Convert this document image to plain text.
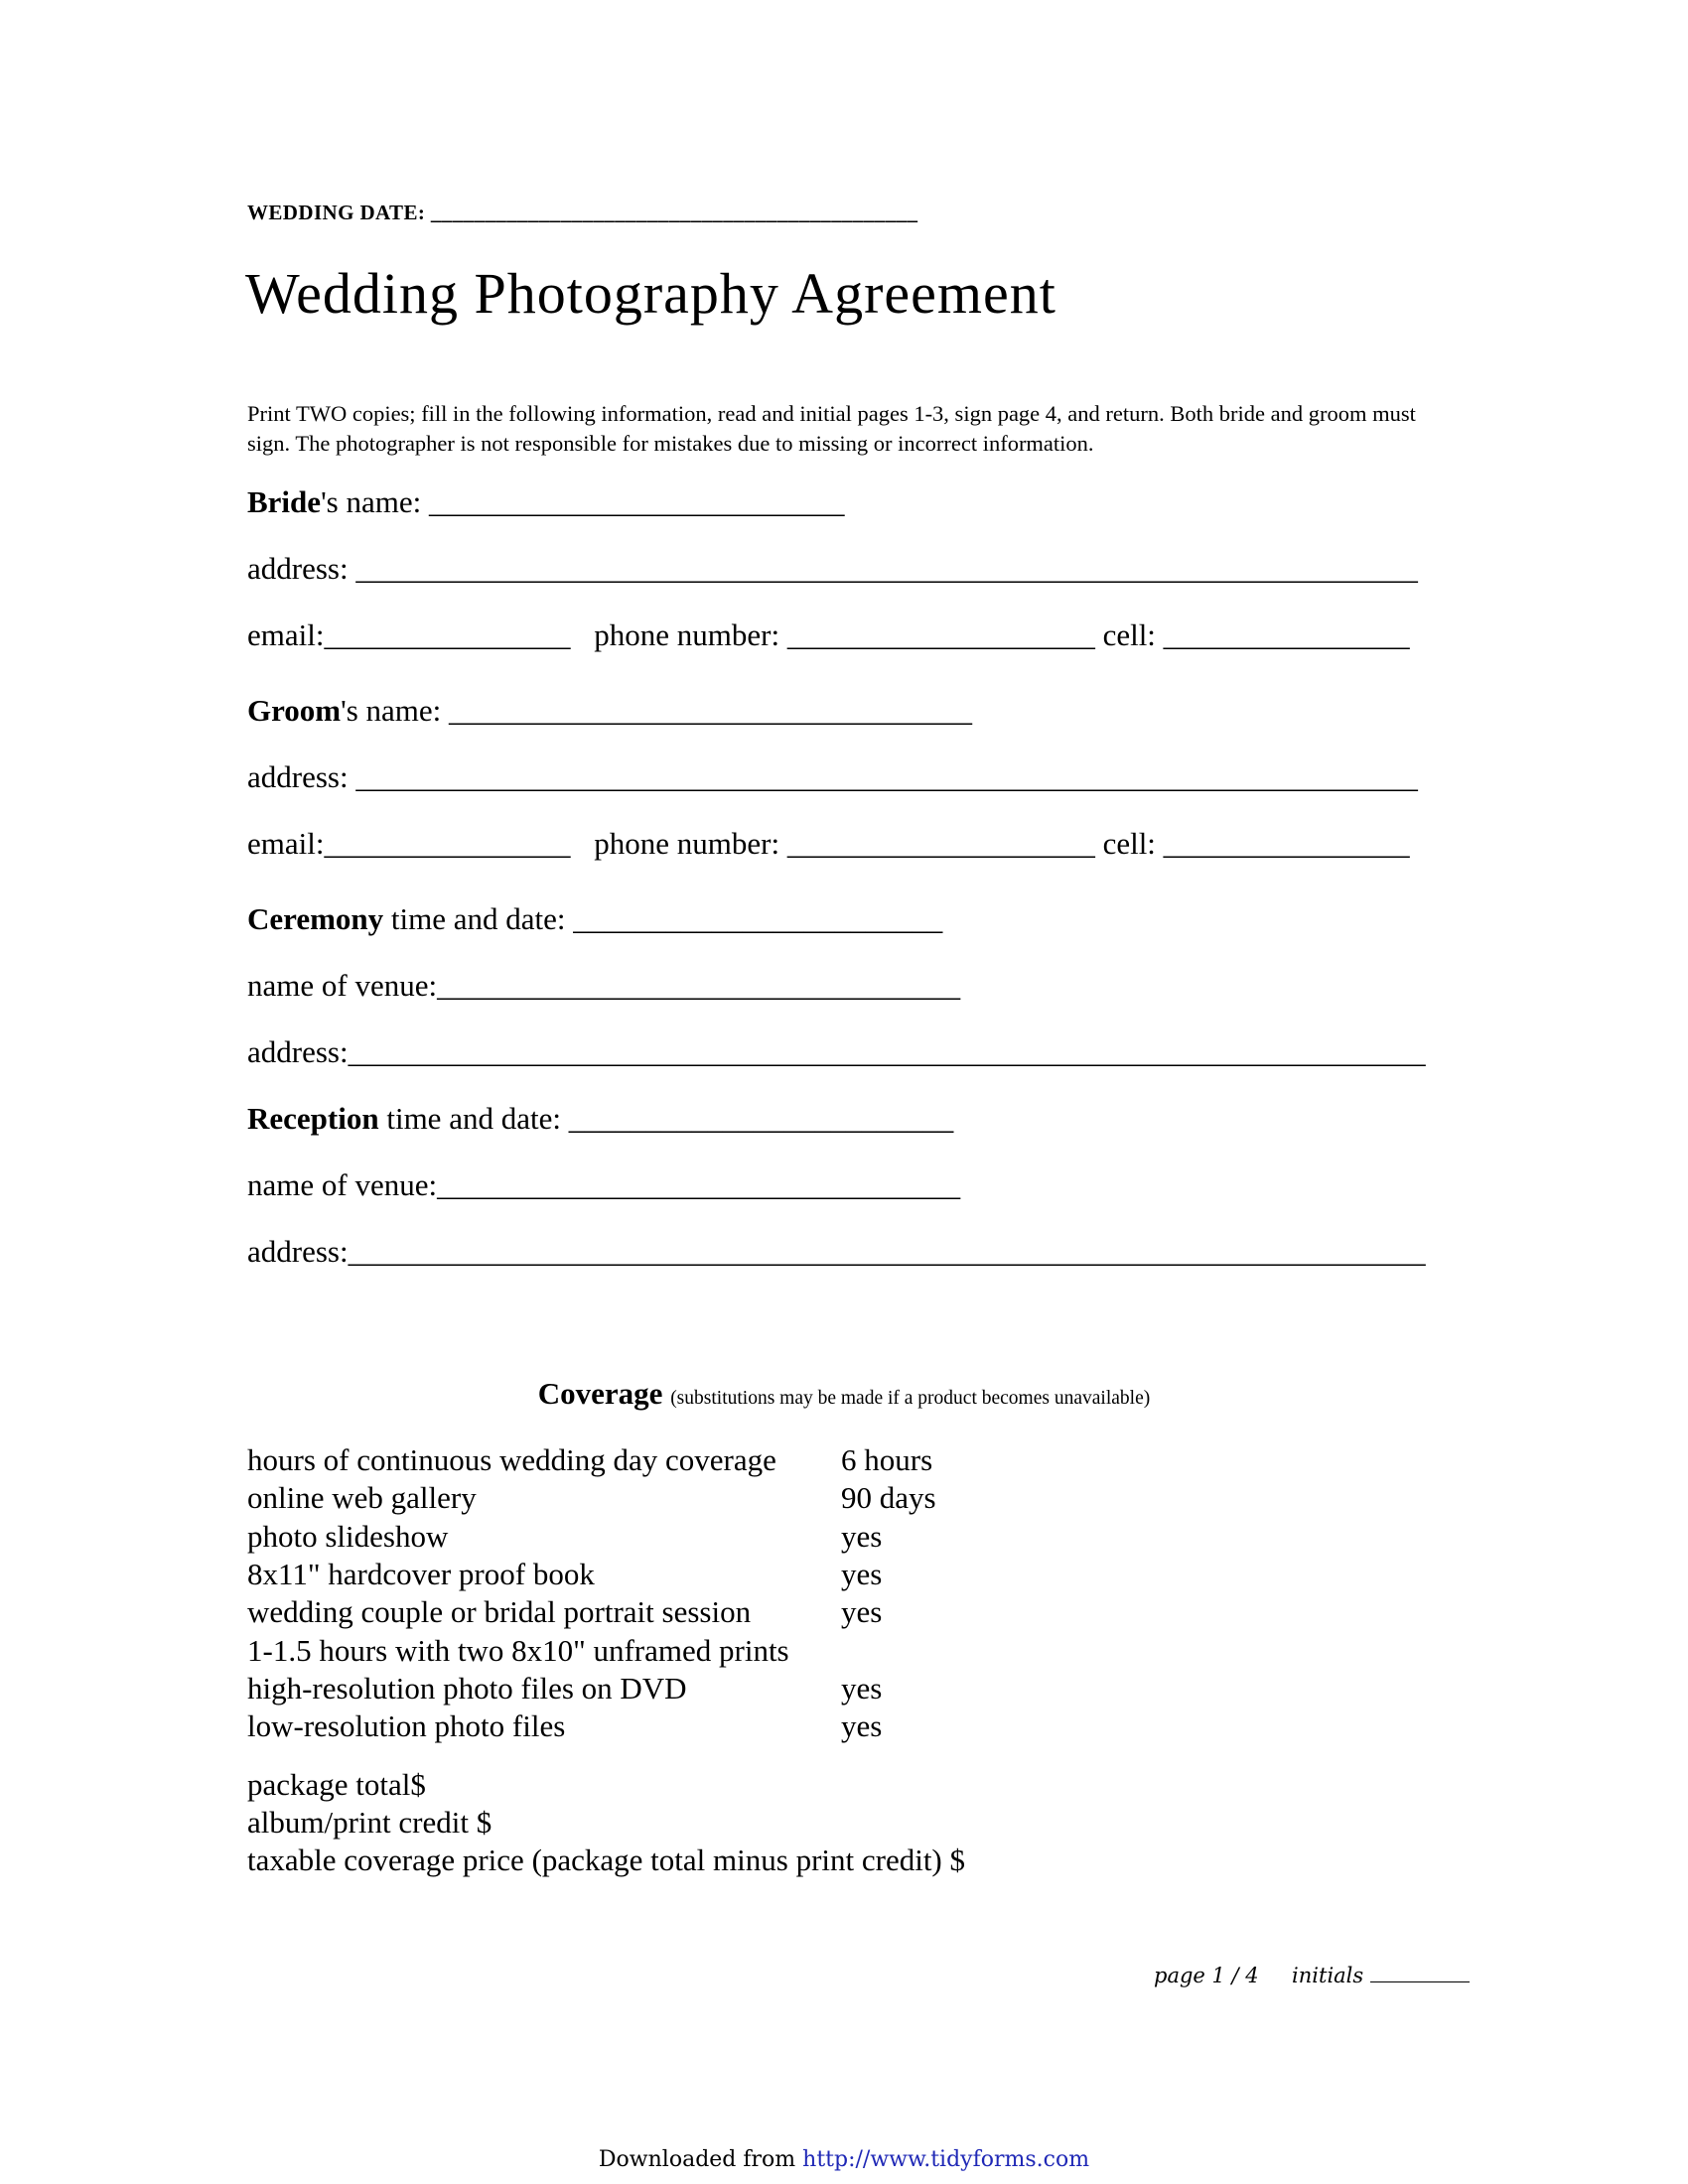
WEDDING DATE: _____________________________________________
Wedding Photography Agreement
Print TWO copies; fill in the following information, read and initial pages 1-3, sign page 4, and return. Both bride and groom must sign. The photographer is not responsible for mistakes due to missing or incorrect information.
Bride's name: ___________________________
address: _____________________________________________________________________
email:________________ phone number: ____________________ cell: ________________
Groom's name: __________________________________
address: _____________________________________________________________________
email:________________ phone number: ____________________ cell: ________________
Ceremony time and date: ________________________
name of venue:__________________________________
address:______________________________________________________________________
Reception time and date: _________________________
name of venue:__________________________________
address:______________________________________________________________________
Coverage (substitutions may be made if a product becomes unavailable)
hours of continuous wedding day coverage	6 hours
online web gallery	90 days
photo slideshow	yes
8x11" hardcover proof book	yes
wedding couple or bridal portrait session	yes
1-1.5 hours with two 8x10" unframed prints	
high-resolution photo files on DVD	yes
low-resolution photo files	yes
package total$
album/print credit $
taxable coverage price (package total minus print credit) $
page 1 / 4 initials
Downloaded from http://www.tidyforms.com
